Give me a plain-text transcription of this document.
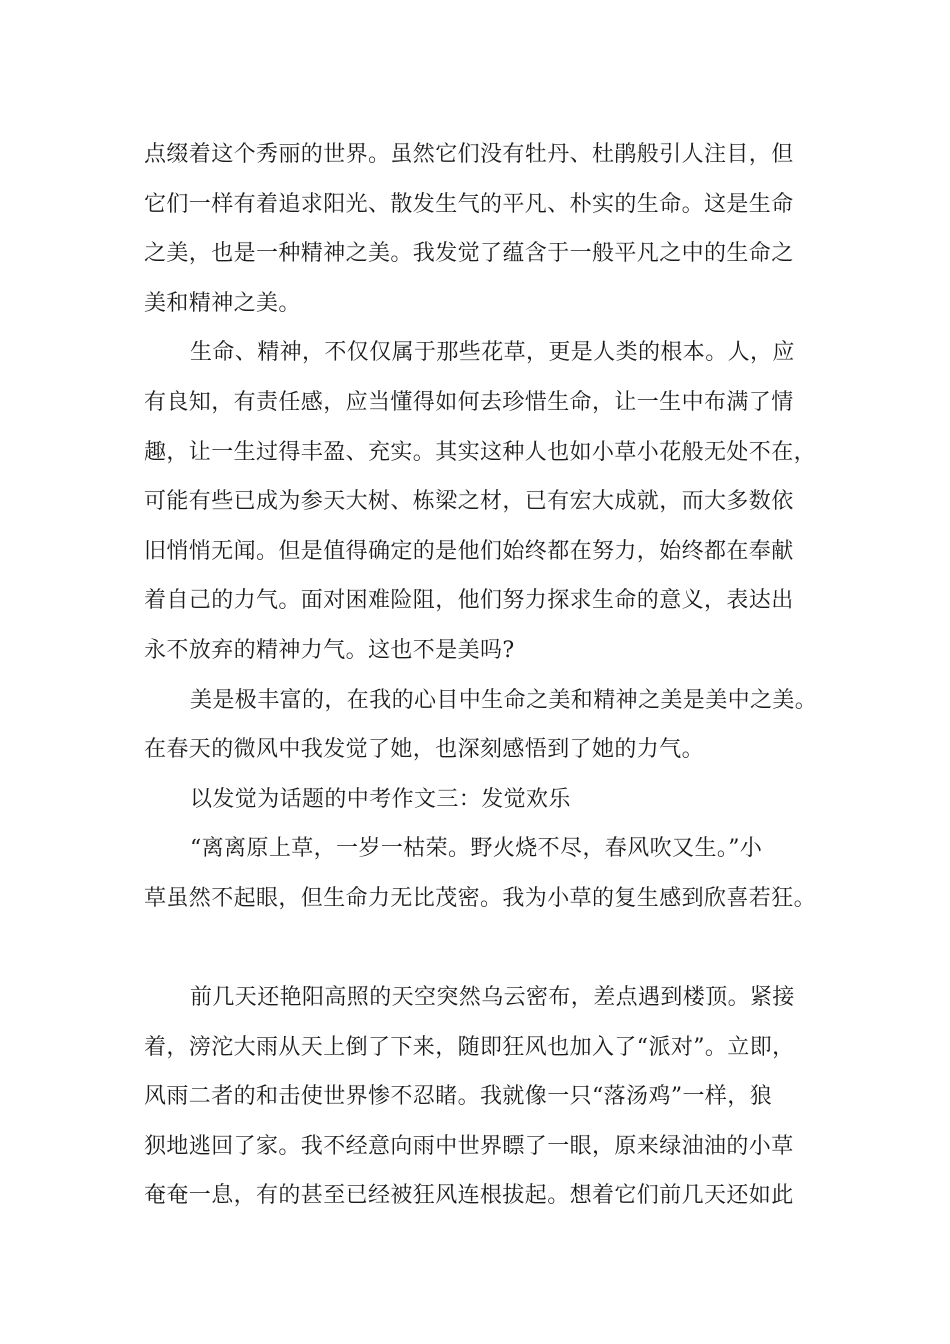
点缀着这个秀丽的世界。虽然它们没有牡丹、杜鹃般引人注目，但
它们一样有着追求阳光、散发生气的平凡、朴实的生命。这是生命
之美，也是一种精神之美。我发觉了蕴含于一般平凡之中的生命之
美和精神之美。
生命、精神，不仅仅属于那些花草，更是人类的根本。人，应
有良知，有责任感，应当懂得如何去珍惜生命，让一生中布满了情
趣，让一生过得丰盈、充实。其实这种人也如小草小花般无处不在，
可能有些已成为参天大树、栋梁之材，已有宏大成就，而大多数依
旧悄悄无闻。但是值得确定的是他们始终都在努力，始终都在奉献
着自己的力气。面对困难险阻，他们努力探求生命的意义，表达出
永不放弃的精神力气。这也不是美吗?
美是极丰富的，在我的心目中生命之美和精神之美是美中之美。
在春天的微风中我发觉了她，也深刻感悟到了她的力气。
以发觉为话题的中考作文三：发觉欢乐
“离离原上草，一岁一枯荣。野火烧不尽，春风吹又生。”小
草虽然不起眼，但生命力无比茂密。我为小草的复生感到欣喜若狂。
前几天还艳阳高照的天空突然乌云密布，差点遇到楼顶。紧接
着，滂沱大雨从天上倒了下来，随即狂风也加入了“派对”。立即，
风雨二者的和击使世界惨不忍睹。我就像一只“落汤鸡”一样，狼
狈地逃回了家。我不经意向雨中世界瞟了一眼，原来绿油油的小草
奄奄一息，有的甚至已经被狂风连根拔起。想着它们前几天还如此
